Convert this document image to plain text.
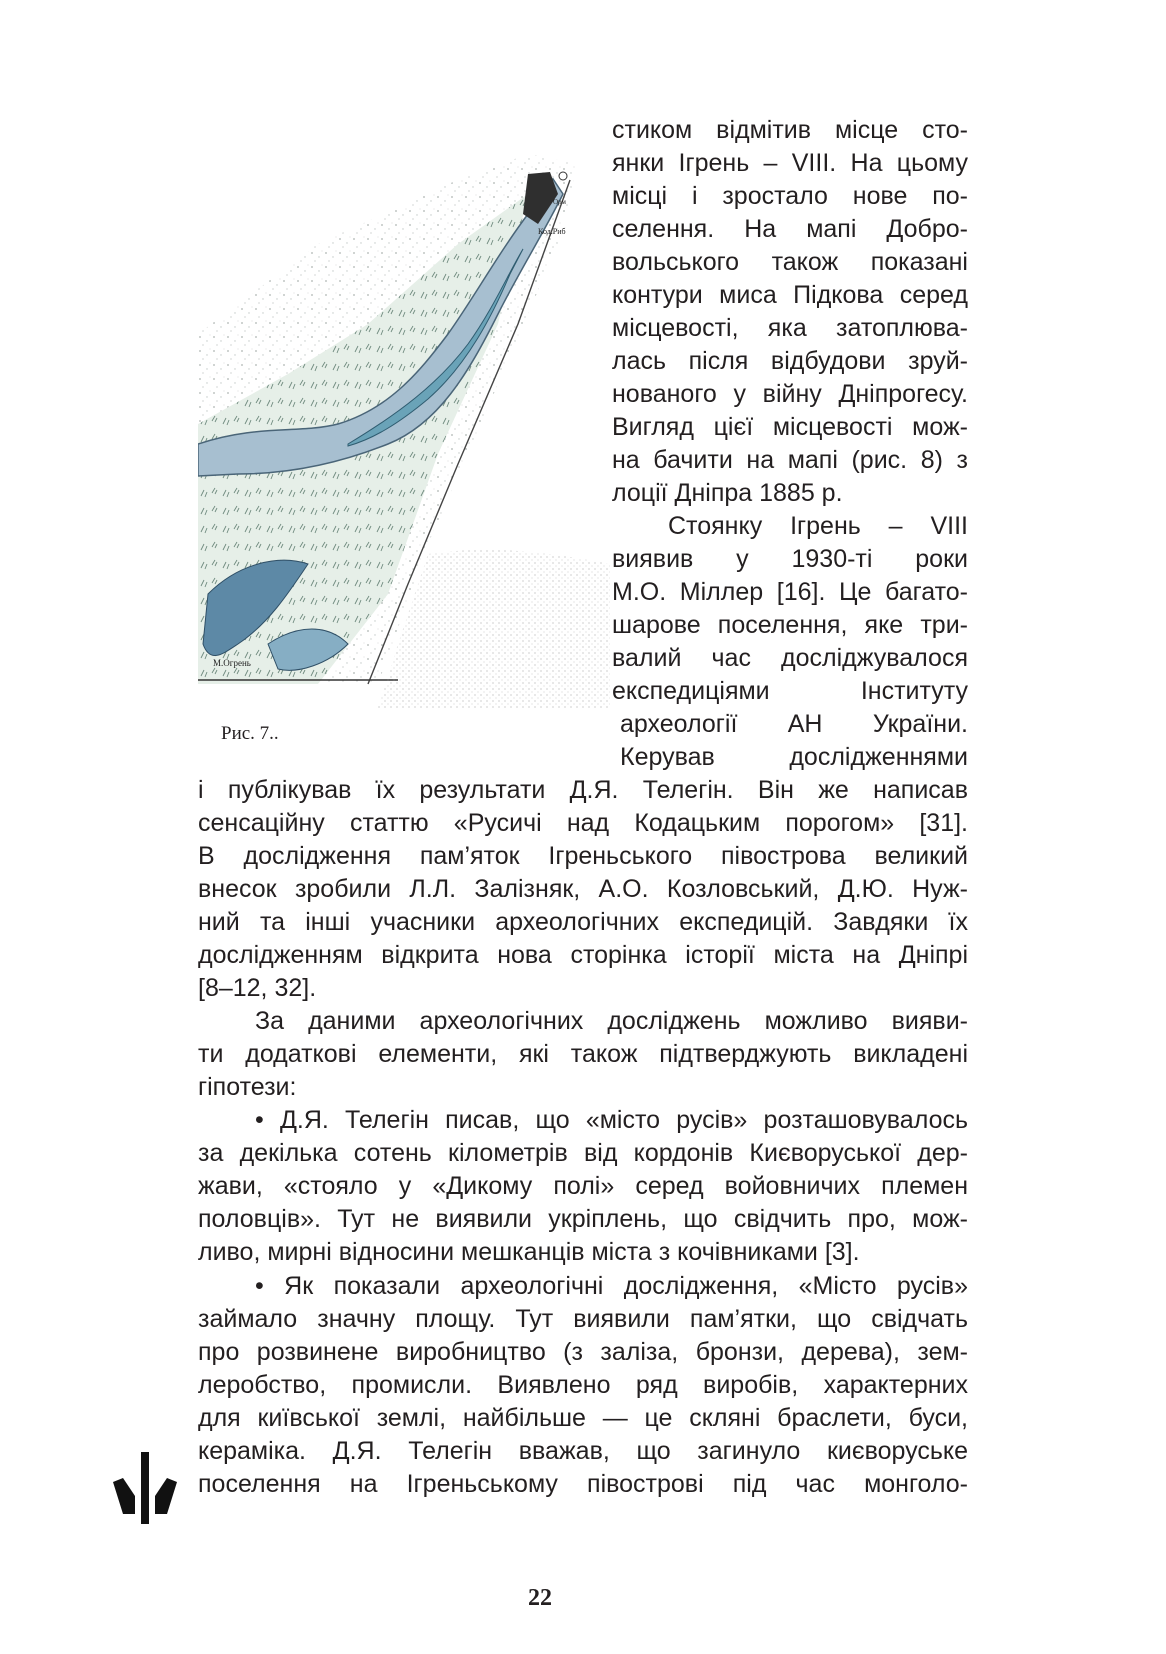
М.Огрень
Код.Риб
Орм

Рис. 7..

стиком відмітив місце сто-

янки Ігрень – VІІІ. На цьому

місці і зростало нове по-

селення. На мапі Добро-

вольського також показані

контури миса Підкова серед

місцевості, яка затоплюва-

лась після відбудови зруй-

нованого у війну Дніпрогесу.

Вигляд цієї місцевості мож-

на бачити на мапі (рис. 8) з

лоції Дніпра 1885 р.

Стоянку Ігрень – VІІІ

виявив у 1930-ті роки

М.О. Міллер [16]. Це багато-

шарове поселення, яке три-

валий час досліджувалося

експедиціями Інституту

археології АН України.

Керував дослідженнями

і публікував їх результати Д.Я. Телегін. Він же написав

сенсаційну статтю «Русичі над Кодацьким порогом» [31].

В дослідження пам’яток Ігреньського півострова великий

внесок зробили Л.Л. Залізняк, А.О. Козловський, Д.Ю. Нуж-

ний та інші учасники археологічних експедицій. Завдяки їх

дослідженням відкрита нова сторінка історії міста на Дніпрі

[8–12, 32].

За даними археологічних досліджень можливо вияви-

ти додаткові елементи, які також підтверджують викладені

гіпотези:

• Д.Я. Телегін писав, що «місто русів» розташовувалось

за декілька сотень кілометрів від кордонів Києворуської дер-

жави, «стояло у «Дикому полі» серед войовничих племен

половців». Тут не виявили укріплень, що свідчить про, мож-

ливо, мирні відносини мешканців міста з кочівниками [3].

• Як показали археологічні дослідження, «Місто русів»

займало значну площу. Тут виявили пам’ятки, що свідчать

про розвинене виробництво (з заліза, бронзи, дерева), зем-

леробство, промисли. Виявлено ряд виробів, характерних

для київської землі, найбільше — це скляні браслети, буси,

кераміка. Д.Я. Телегін вважав, що загинуло києворуське

поселення на Ігреньському півострові під час монголо-

22
